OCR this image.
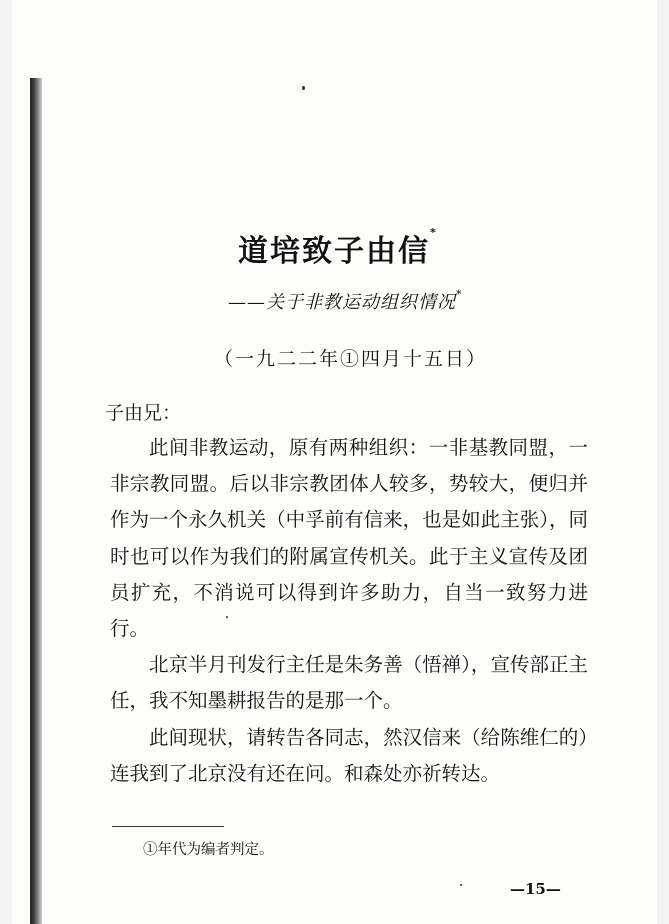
道培致子由信*
——关于非教运动组织情况*
（一九二二年①四月十五日）
子由兄：

此间非教运动，原有两种组织：一非基教同盟，一非宗教同盟。后以非宗教团体人较多，势较大，便归并作为一个永久机关（中孚前有信来，也是如此主张），同时也可以作为我们的附属宣传机关。此于主义宣传及团员扩充，不消说可以得到许多助力，自当一致努力进行。

北京半月刊发行主任是朱务善（悟禅），宣传部正主任，我不知墨耕报告的是那一个。

此间现状，请转告各同志，然汉信来（给陈维仁的）连我到了北京没有还在问。和森处亦祈转达。

①年代为编者判定。
—15—
